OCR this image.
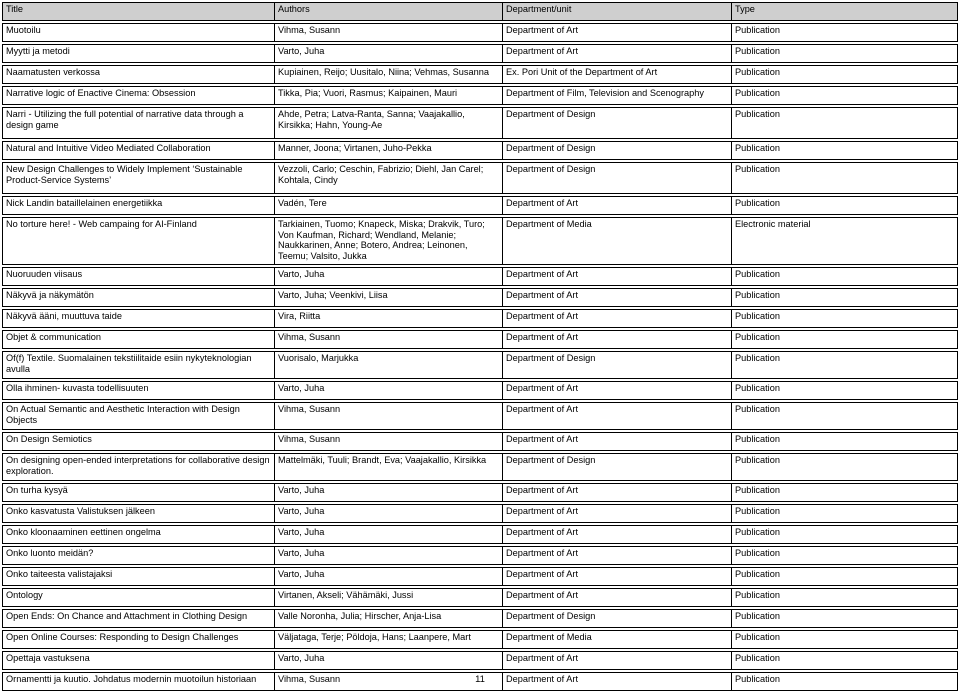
Title	Authors	Department/unit	Type

Muotoilu	Vihma, Susann	Department of Art	Publication

Myytti ja metodi	Varto, Juha	Department of Art	Publication

Naamatusten verkossa	Kupiainen, Reijo; Uusitalo, Niina; Vehmas, Susanna	Ex. Pori Unit of the Department of Art	Publication

Narrative logic of Enactive Cinema: Obsession	Tikka, Pia; Vuori, Rasmus; Kaipainen, Mauri	Department of Film, Television and Scenography	Publication

Narri - Utilizing the full potential of narrative data through a design game	Ahde, Petra; Latva-Ranta, Sanna; Vaajakallio, Kirsikka; Hahn, Young-Ae	Department of Design	Publication

Natural and Intuitive Video Mediated Collaboration	Manner, Joona; Virtanen, Juho-Pekka	Department of Design	Publication

New Design Challenges to Widely Implement ‘Sustainable Product-Service Systems’	Vezzoli, Carlo; Ceschin, Fabrizio; Diehl, Jan Carel; Kohtala, Cindy	Department of Design	Publication

Nick Landin bataillelainen energetiikka	Vadén, Tere	Department of Art	Publication

No torture here! - Web campaing for AI-Finland	Tarkiainen, Tuomo; Knapeck, Miska; Drakvik, Turo; Von Kaufman, Richard; Wendland, Melanie; Naukkarinen, Anne; Botero, Andrea; Leinonen, Teemu; Valsito, Jukka	Department of Media	Electronic material

Nuoruuden viisaus	Varto, Juha	Department of Art	Publication

Näkyvä ja näkymätön	Varto, Juha; Veenkivi, Liisa	Department of Art	Publication

Näkyvä ääni, muuttuva taide	Vira, Riitta	Department of Art	Publication

Objet & communication	Vihma, Susann	Department of Art	Publication

Of(f) Textile. Suomalainen tekstiilitaide esiin nykyteknologian avulla	Vuorisalo, Marjukka	Department of Design	Publication

Olla ihminen- kuvasta todellisuuten	Varto, Juha	Department of Art	Publication

On Actual Semantic and Aesthetic Interaction with Design Objects	Vihma, Susann	Department of Art	Publication

On Design Semiotics	Vihma, Susann	Department of Art	Publication

On designing open-ended interpretations for collaborative design exploration.	Mattelmäki, Tuuli; Brandt, Eva; Vaajakallio, Kirsikka	Department of Design	Publication

On turha kysyä	Varto, Juha	Department of Art	Publication

Onko kasvatusta Valistuksen jälkeen	Varto, Juha	Department of Art	Publication

Onko kloonaaminen eettinen ongelma	Varto, Juha	Department of Art	Publication

Onko luonto meidän?	Varto, Juha	Department of Art	Publication

Onko taiteesta valistajaksi	Varto, Juha	Department of Art	Publication

Ontology	Virtanen, Akseli; Vähämäki, Jussi	Department of Art	Publication

Open Ends: On Chance and Attachment in Clothing Design	Valle Noronha, Julia; Hirscher, Anja-Lisa	Department of Design	Publication

Open Online Courses: Responding to Design Challenges	Väljataga, Terje; Pöldoja, Hans; Laanpere, Mart	Department of Media	Publication

Opettaja vastuksena	Varto, Juha	Department of Art	Publication

Ornamentti ja kuutio. Johdatus modernin muotoilun historiaan	Vihma, Susann	Department of Art	Publication
11
